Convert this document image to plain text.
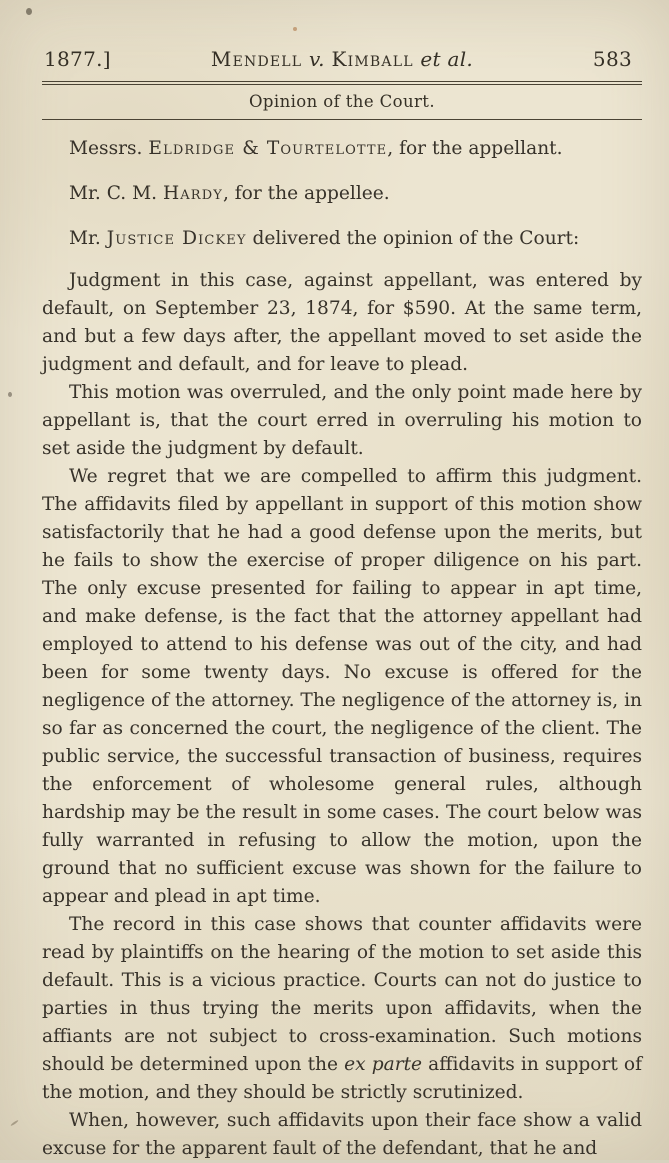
1877.]	Mendell v. Kimball et al.	583
Opinion of the Court.

Messrs. Eldridge & Tourtelotte, for the appellant.

Mr. C. M. Hardy, for the appellee.

Mr. Justice Dickey delivered the opinion of the Court:

Judgment in this case, against appellant, was entered by default, on September 23, 1874, for $590. At the same term, and but a few days after, the appellant moved to set aside the judgment and default, and for leave to plead.

This motion was overruled, and the only point made here by appellant is, that the court erred in overruling his motion to set aside the judgment by default.

We regret that we are compelled to affirm this judgment. The affidavits filed by appellant in support of this motion show satisfactorily that he had a good defense upon the merits, but he fails to show the exercise of proper diligence on his part. The only excuse presented for failing to appear in apt time, and make defense, is the fact that the attorney appellant had employed to attend to his defense was out of the city, and had been for some twenty days. No excuse is offered for the negligence of the attorney. The negligence of the attorney is, in so far as concerned the court, the negligence of the client. The public service, the successful transaction of business, requires the enforcement of wholesome general rules, although hardship may be the result in some cases. The court below was fully warranted in refusing to allow the motion, upon the ground that no sufficient excuse was shown for the failure to appear and plead in apt time.

The record in this case shows that counter affidavits were read by plaintiffs on the hearing of the motion to set aside this default. This is a vicious practice. Courts can not do justice to parties in thus trying the merits upon affidavits, when the affiants are not subject to cross-examination. Such motions should be determined upon the ex parte affidavits in support of the motion, and they should be strictly scrutinized.

When, however, such affidavits upon their face show a valid excuse for the apparent fault of the defendant, that he and
